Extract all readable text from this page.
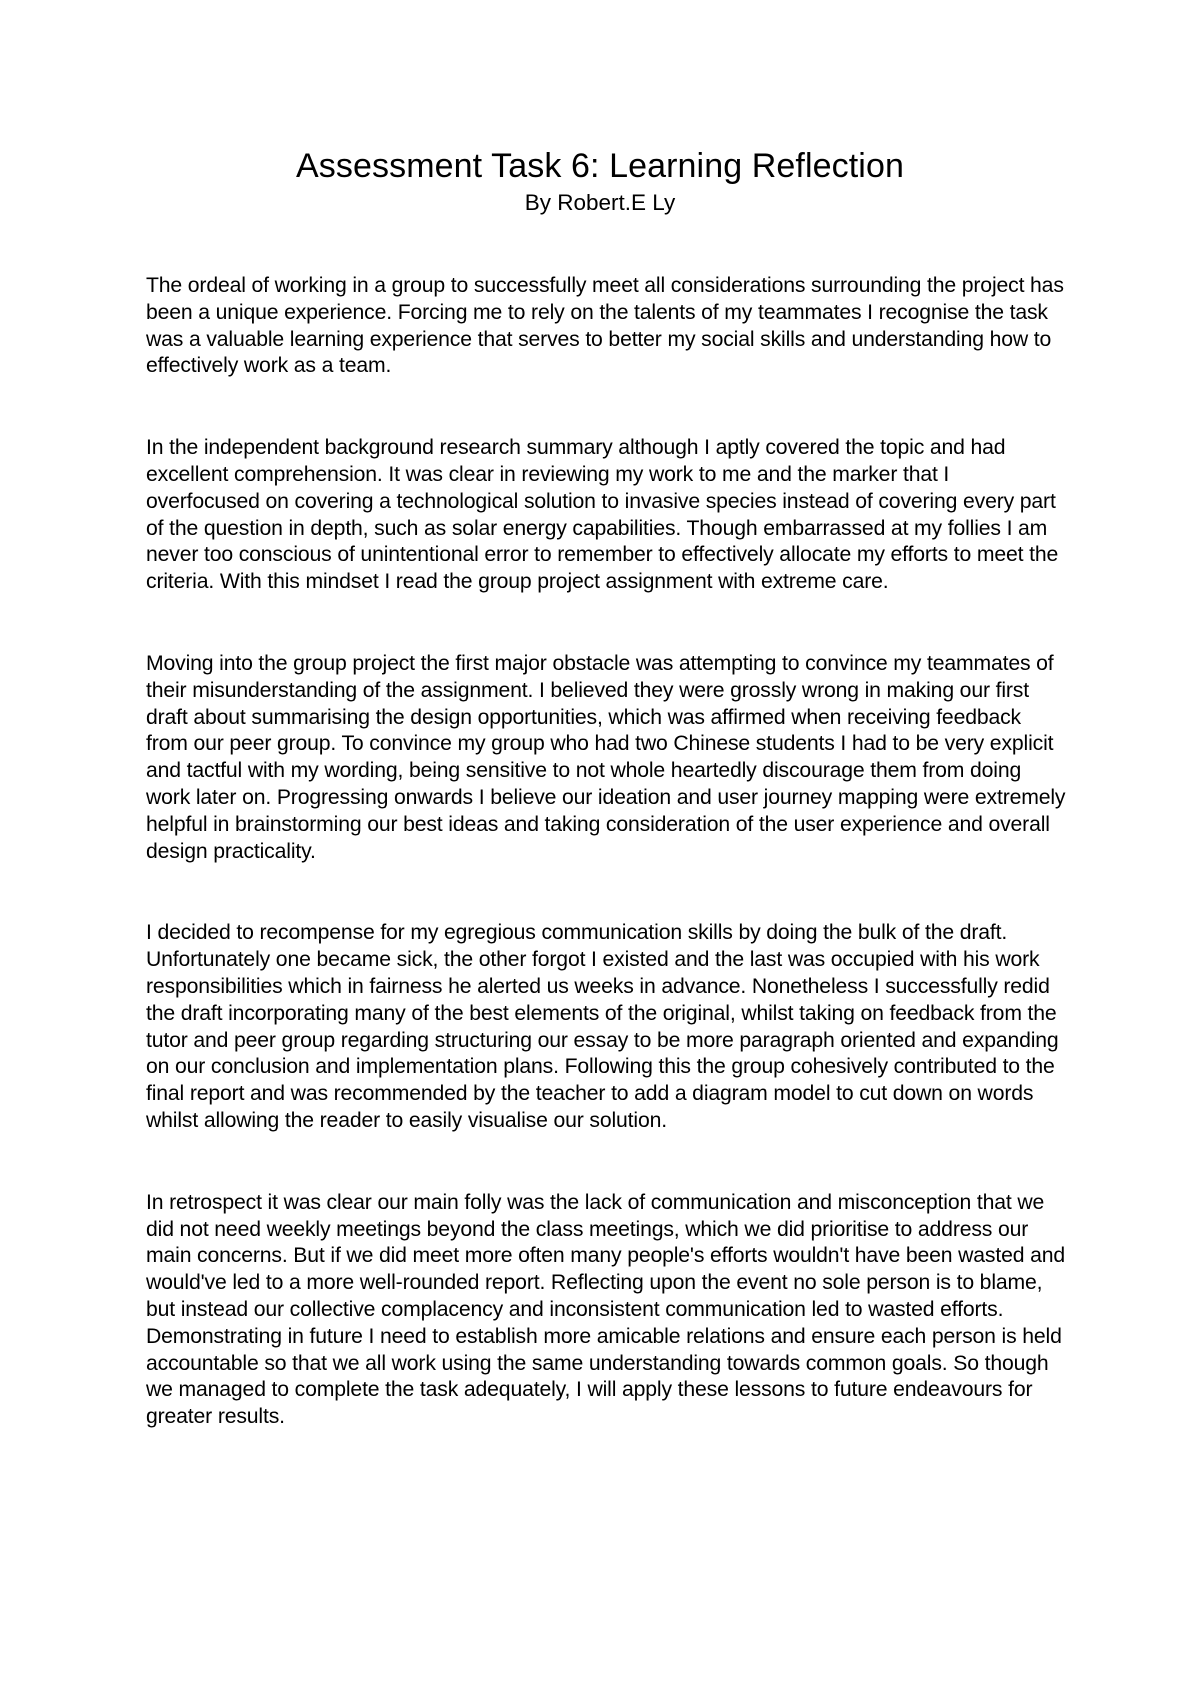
Assessment Task 6: Learning Reflection

By Robert.E Ly

The ordeal of working in a group to successfully meet all considerations surrounding the project has been a unique experience. Forcing me to rely on the talents of my teammates I recognise the task was a valuable learning experience that serves to better my social skills and understanding how to effectively work as a team.

In the independent background research summary although I aptly covered the topic and had excellent comprehension. It was clear in reviewing my work to me and the marker that I overfocused on covering a technological solution to invasive species instead of covering every part of the question in depth, such as solar energy capabilities. Though embarrassed at my follies I am never too conscious of unintentional error to remember to effectively allocate my efforts to meet the criteria. With this mindset I read the group project assignment with extreme care.

Moving into the group project the first major obstacle was attempting to convince my teammates of their misunderstanding of the assignment. I believed they were grossly wrong in making our first draft about summarising the design opportunities, which was affirmed when receiving feedback from our peer group. To convince my group who had two Chinese students I had to be very explicit and tactful with my wording, being sensitive to not whole heartedly discourage them from doing work later on. Progressing onwards I believe our ideation and user journey mapping were extremely helpful in brainstorming our best ideas and taking consideration of the user experience and overall design practicality.

I decided to recompense for my egregious communication skills by doing the bulk of the draft. Unfortunately one became sick, the other forgot I existed and the last was occupied with his work responsibilities which in fairness he alerted us weeks in advance. Nonetheless I successfully redid the draft incorporating many of the best elements of the original, whilst taking on feedback from the tutor and peer group regarding structuring our essay to be more paragraph oriented and expanding on our conclusion and implementation plans. Following this the group cohesively contributed to the final report and was recommended by the teacher to add a diagram model to cut down on words whilst allowing the reader to easily visualise our solution.

In retrospect it was clear our main folly was the lack of communication and misconception that we did not need weekly meetings beyond the class meetings, which we did prioritise to address our main concerns. But if we did meet more often many people's efforts wouldn't have been wasted and would've led to a more well-rounded report. Reflecting upon the event no sole person is to blame, but instead our collective complacency and inconsistent communication led to wasted efforts. Demonstrating in future I need to establish more amicable relations and ensure each person is held accountable so that we all work using the same understanding towards common goals. So though we managed to complete the task adequately, I will apply these lessons to future endeavours for greater results.
